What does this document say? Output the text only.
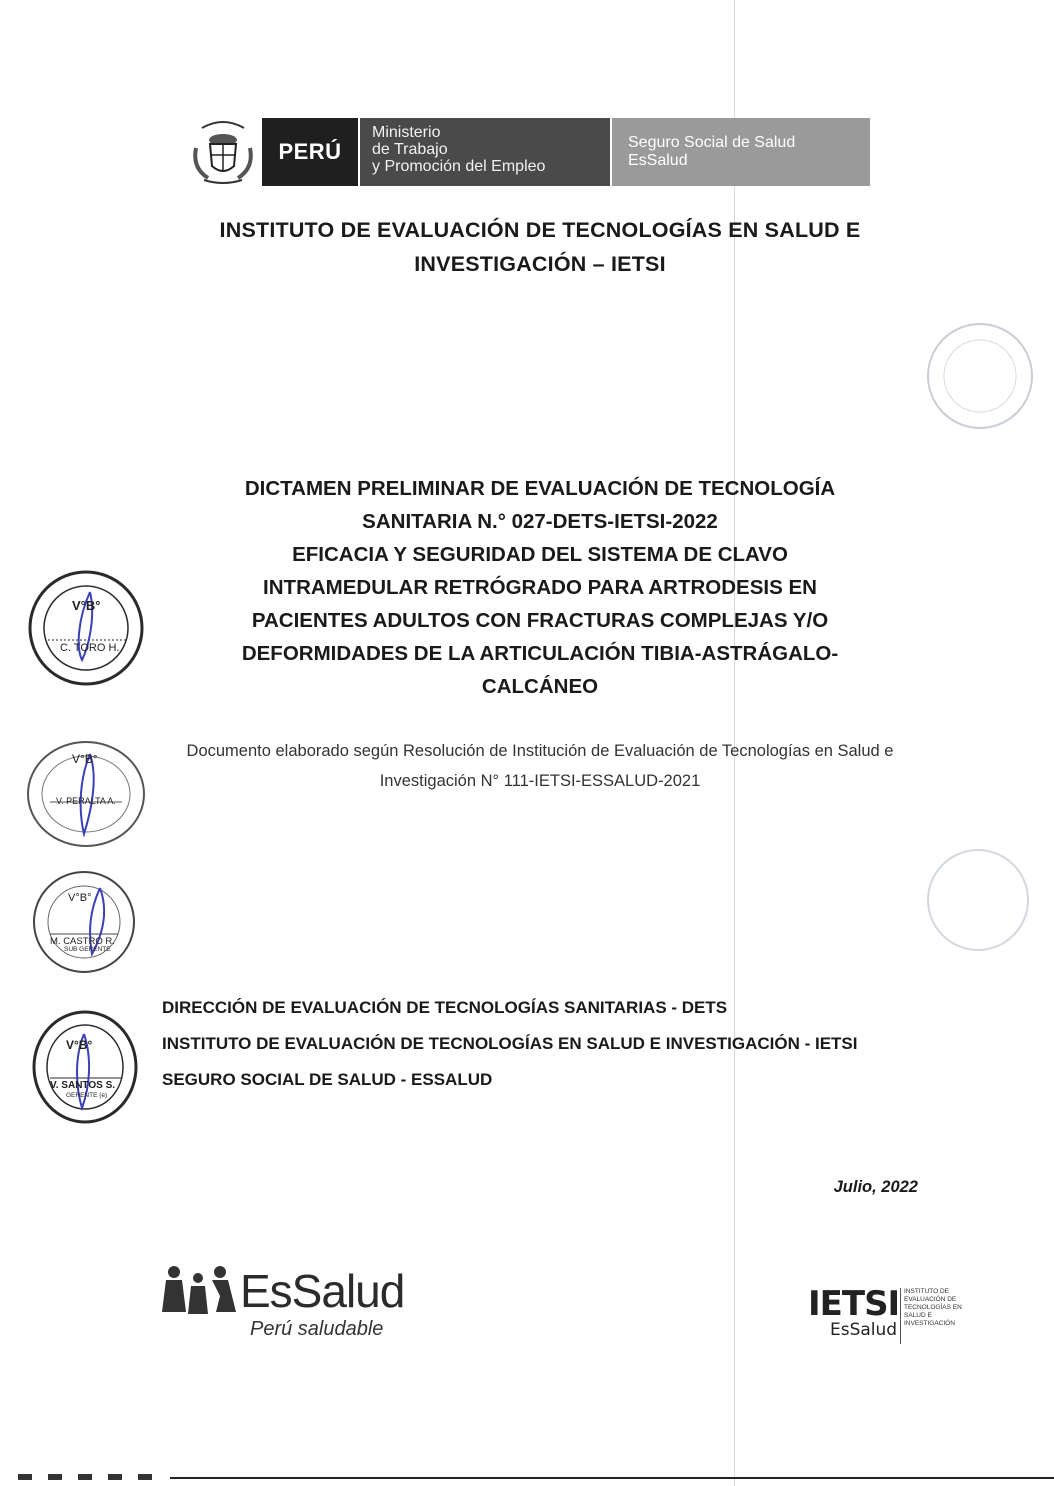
PERÚ
Ministerio
de Trabajo
y Promoción del Empleo
Seguro Social de Salud
EsSalud
INSTITUTO DE EVALUACIÓN DE TECNOLOGÍAS EN SALUD E
INVESTIGACIÓN – IETSI
DICTAMEN PRELIMINAR DE EVALUACIÓN DE TECNOLOGÍA
SANITARIA N.° 027-DETS-IETSI-2022
EFICACIA Y SEGURIDAD DEL SISTEMA DE CLAVO
INTRAMEDULAR RETRÓGRADO PARA ARTRODESIS EN
PACIENTES ADULTOS CON FRACTURAS COMPLEJAS Y/O
DEFORMIDADES DE LA ARTICULACIÓN TIBIA-ASTRÁGALO-
CALCÁNEO
V°B°
C. TORO H.
V°B°
V. PERALTA A.
V°B°
M. CASTRO R.
SUB GERENTE
V°B°
V. SANTOS S.
GERENTE (e)
Documento elaborado según Resolución de Institución de Evaluación de Tecnologías en Salud e Investigación N° 111-IETSI-ESSALUD-2021
DIRECCIÓN DE EVALUACIÓN DE TECNOLOGÍAS SANITARIAS - DETS
INSTITUTO DE EVALUACIÓN DE TECNOLOGÍAS EN SALUD E INVESTIGACIÓN - IETSI
SEGURO SOCIAL DE SALUD - ESSALUD
Julio, 2022
EsSalud
Perú saludable
IETSI
EsSalud
INSTITUTO DE EVALUACIÓN DE TECNOLOGÍAS EN SALUD E INVESTIGACIÓN
